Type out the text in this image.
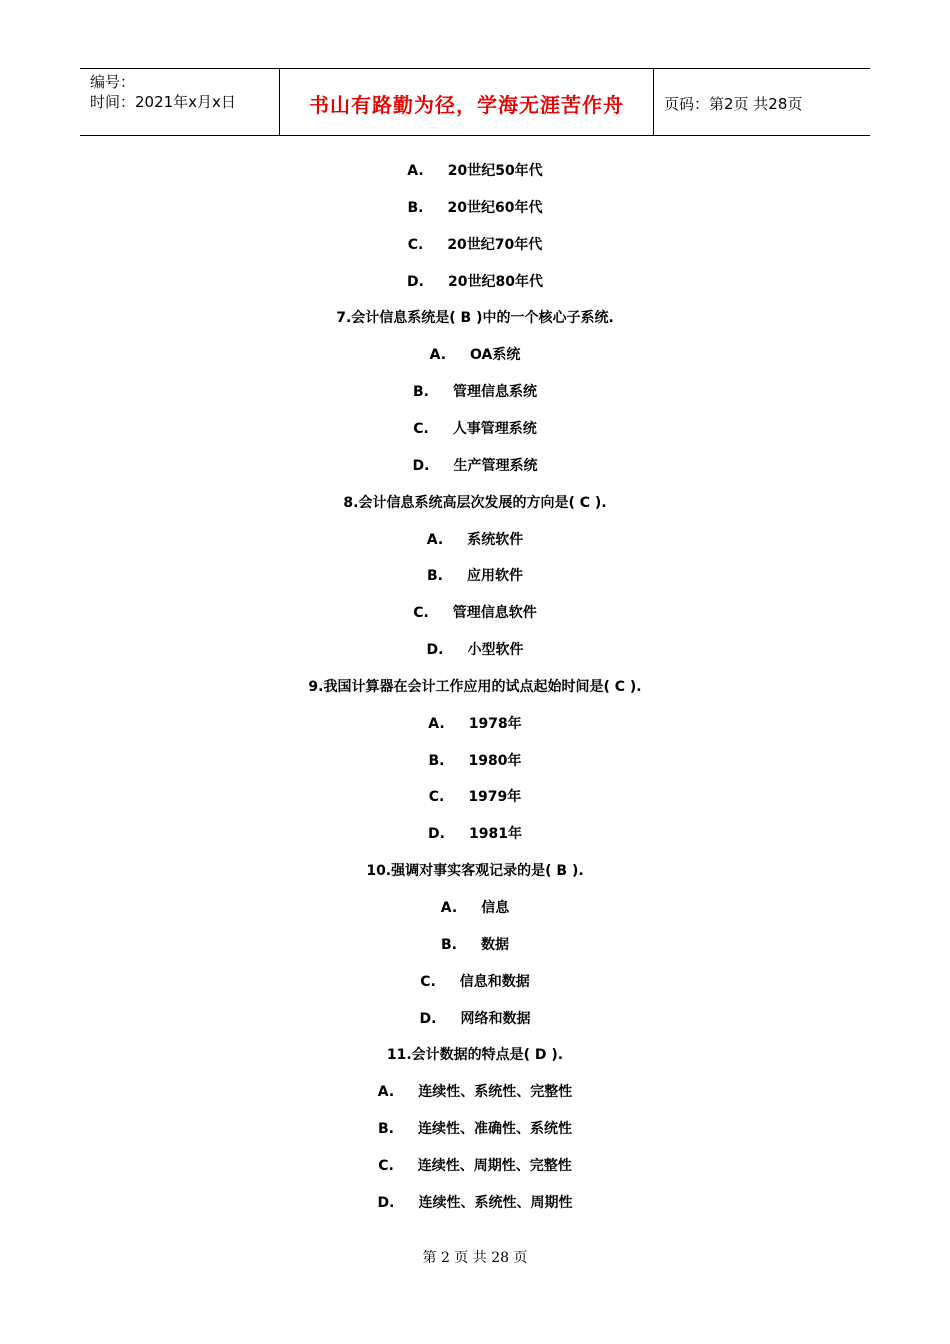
编号：
时间：2021年x月x日	书山有路勤为径，学海无涯苦作舟	页码：第2页 共28页
A. 20世纪50年代
B. 20世纪60年代
C. 20世纪70年代
D. 20世纪80年代
7.会计信息系统是( B )中的一个核心子系统.
A. OA系统
B. 管理信息系统
C. 人事管理系统
D. 生产管理系统
8.会计信息系统高层次发展的方向是( C ).
A. 系统软件
B. 应用软件
C. 管理信息软件
D. 小型软件
9.我国计算器在会计工作应用的试点起始时间是( C ).
A. 1978年
B. 1980年
C. 1979年
D. 1981年
10.强调对事实客观记录的是( B ).
A. 信息
B. 数据
C. 信息和数据
D. 网络和数据
11.会计数据的特点是( D ).
A. 连续性、系统性、完整性
B. 连续性、准确性、系统性
C. 连续性、周期性、完整性
D. 连续性、系统性、周期性
第 2 页 共 28 页
